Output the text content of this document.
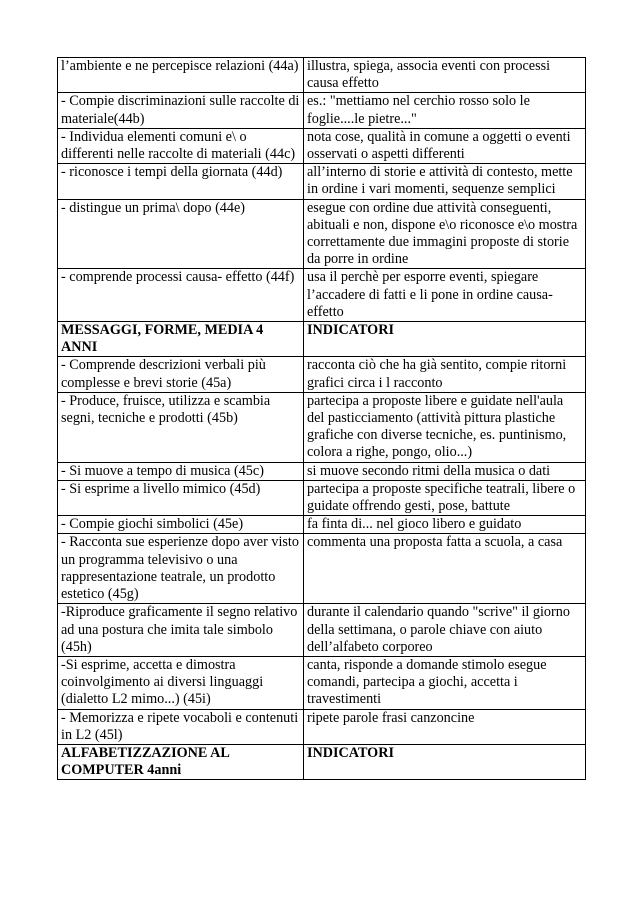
l’ambiente e ne percepisce relazioni (44a)	illustra, spiega, associa eventi con processi causa effetto
- Compie discriminazioni sulle raccolte di materiale(44b)	es.: "mettiamo nel cerchio rosso solo le foglie....le pietre..."
- Individua elementi comuni e\ o differenti nelle raccolte di materiali (44c)	nota cose, qualità in comune a oggetti o eventi osservati o aspetti differenti
- riconosce i tempi della giornata (44d)	all’interno di storie e attività di contesto, mette in ordine i vari momenti, sequenze semplici
- distingue un prima\ dopo (44e)	esegue con ordine due attività conseguenti, abituali e non, dispone e\o riconosce e\o mostra correttamente due immagini proposte di storie da porre in ordine
- comprende processi causa- effetto (44f)	usa il perchè per esporre eventi, spiegare l’accadere di fatti e li pone in ordine causa-effetto
MESSAGGI, FORME, MEDIA 4 ANNI	INDICATORI
- Comprende descrizioni verbali più complesse e brevi storie (45a)	racconta ciò che ha già sentito, compie ritorni grafici circa i l racconto
- Produce, fruisce, utilizza e scambia segni, tecniche e prodotti (45b)	partecipa a proposte libere e guidate nell'aula del pasticciamento (attività pittura plastiche grafiche con diverse tecniche, es. puntinismo, colora a righe, pongo, olio...)
- Si muove a tempo di musica (45c)	si muove secondo ritmi della musica o dati
- Si esprime a livello mimico (45d)	partecipa a proposte specifiche teatrali, libere o guidate offrendo gesti, pose, battute
- Compie giochi simbolici (45e)	fa finta di... nel gioco libero e guidato
- Racconta sue esperienze dopo aver visto un programma televisivo o una rappresentazione teatrale, un prodotto estetico (45g)	commenta una proposta fatta a scuola, a casa
-Riproduce graficamente il segno relativo ad una postura che imita tale simbolo (45h)	durante il calendario quando "scrive" il giorno della settimana, o parole chiave con aiuto dell’alfabeto corporeo
-Si esprime, accetta e dimostra coinvolgimento ai diversi linguaggi (dialetto L2 mimo...) (45i)	canta, risponde a domande stimolo esegue comandi, partecipa a giochi, accetta i travestimenti
- Memorizza e ripete vocaboli e contenuti in L2 (45l)	ripete parole frasi canzoncine
ALFABETIZZAZIONE AL COMPUTER 4anni	INDICATORI
